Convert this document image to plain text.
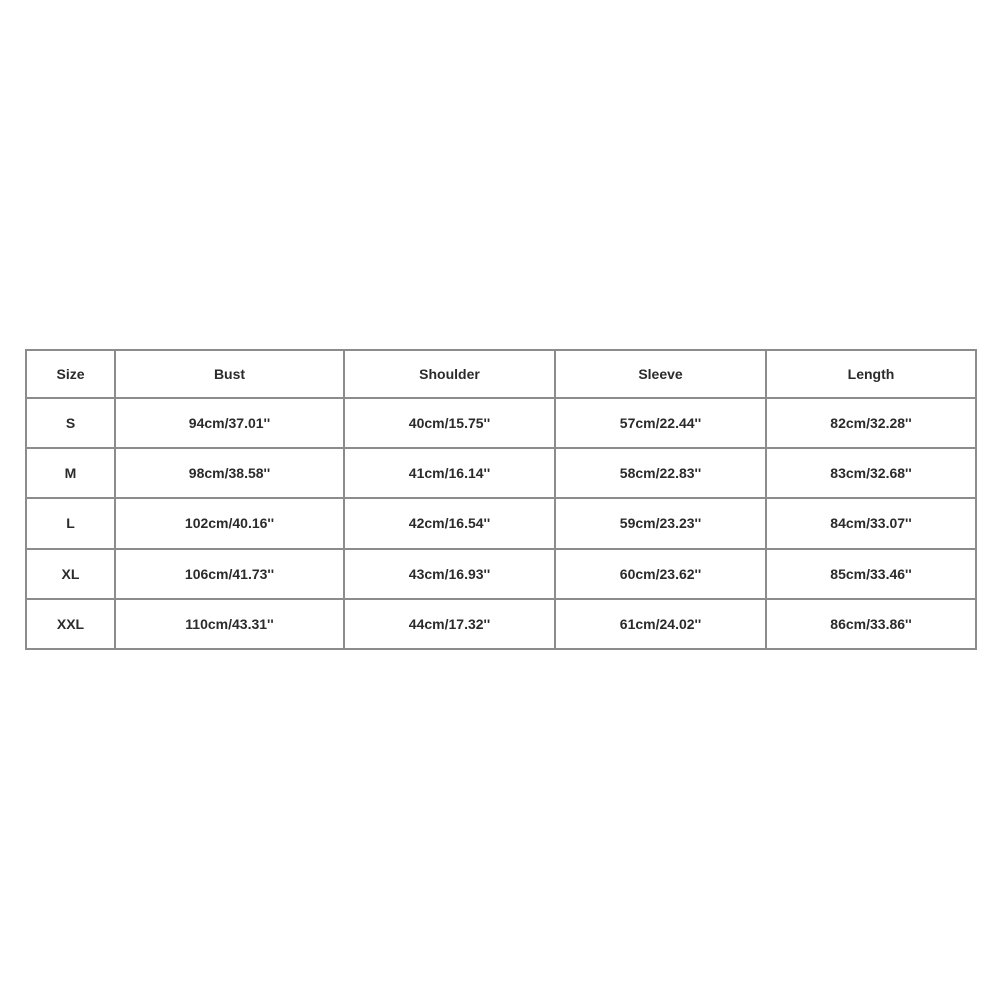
Size	Bust	Shoulder	Sleeve	Length
S	94cm/37.01''	40cm/15.75''	57cm/22.44''	82cm/32.28''
M	98cm/38.58''	41cm/16.14''	58cm/22.83''	83cm/32.68''
L	102cm/40.16''	42cm/16.54''	59cm/23.23''	84cm/33.07''
XL	106cm/41.73''	43cm/16.93''	60cm/23.62''	85cm/33.46''
XXL	110cm/43.31''	44cm/17.32''	61cm/24.02''	86cm/33.86''
